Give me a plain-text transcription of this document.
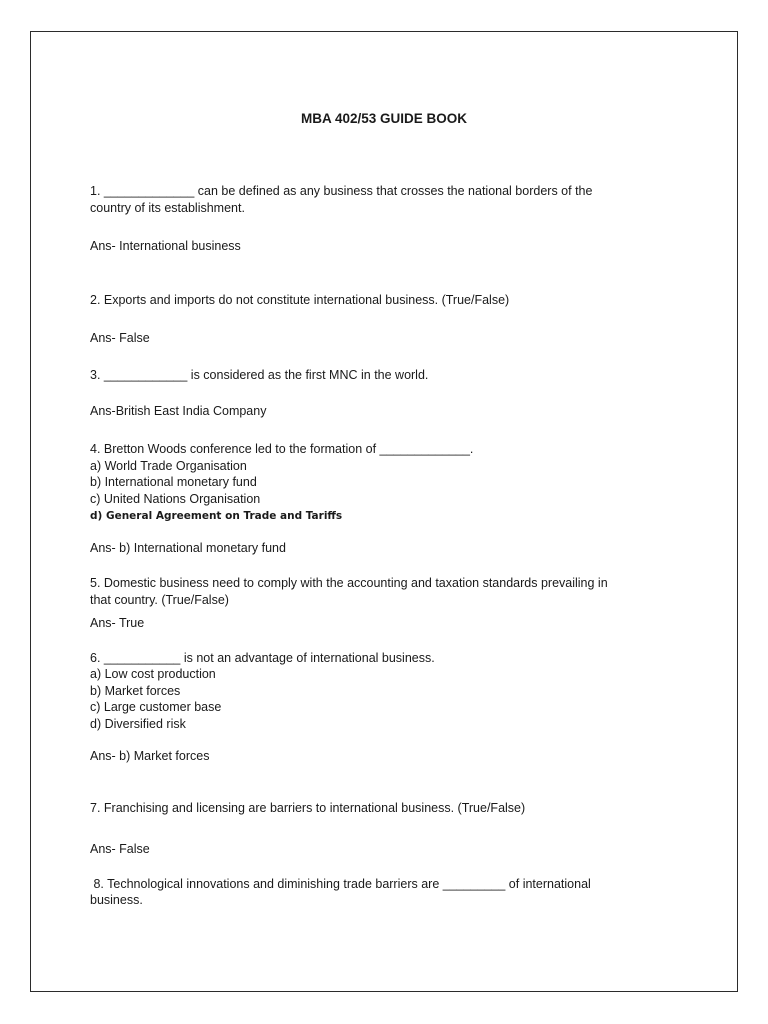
MBA 402/53 GUIDE BOOK
1. _____________ can be defined as any business that crosses the national borders of the
country of its establishment.
Ans- International business
2. Exports and imports do not constitute international business. (True/False)
Ans- False
3. ____________ is considered as the first MNC in the world.
Ans-British East India Company
4. Bretton Woods conference led to the formation of _____________.
a) World Trade Organisation
b) International monetary fund
c) United Nations Organisation
d) General Agreement on Trade and Tariffs
Ans- b) International monetary fund
5. Domestic business need to comply with the accounting and taxation standards prevailing in
that country. (True/False)
Ans- True
6. ___________ is not an advantage of international business.
a) Low cost production
b) Market forces
c) Large customer base
d) Diversified risk
Ans- b) Market forces
7. Franchising and licensing are barriers to international business. (True/False)
Ans- False
8. Technological innovations and diminishing trade barriers are _________ of international
business.
